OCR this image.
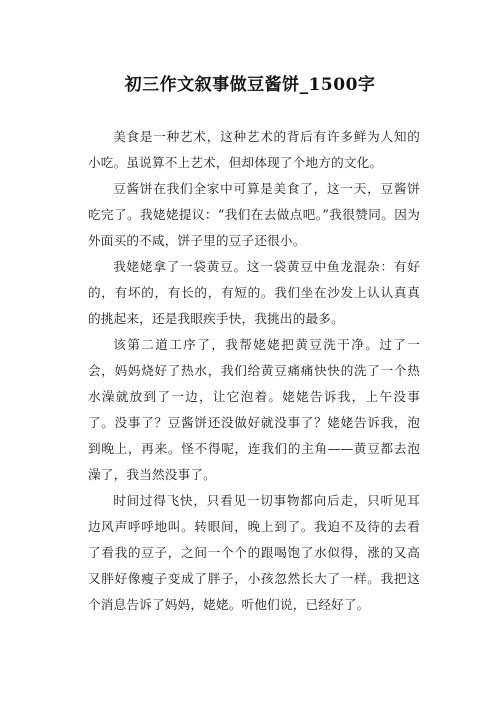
初三作文叙事做豆酱饼_1500字

美食是一种艺术，这种艺术的背后有许多鲜为人知的小吃。虽说算不上艺术，但却体现了个地方的文化。

豆酱饼在我们全家中可算是美食了，这一天，豆酱饼吃完了。我姥姥提议：“我们在去做点吧。”我很赞同。因为外面买的不咸，饼子里的豆子还很小。

我姥姥拿了一袋黄豆。这一袋黄豆中鱼龙混杂：有好的，有坏的，有长的，有短的。我们坐在沙发上认认真真的挑起来，还是我眼疾手快，我挑出的最多。

该第二道工序了，我帮姥姥把黄豆洗干净。过了一会，妈妈烧好了热水，我们给黄豆痛痛快快的洗了一个热水澡就放到了一边，让它泡着。姥姥告诉我，上午没事了。没事了？豆酱饼还没做好就没事了？姥姥告诉我，泡到晚上，再来。怪不得呢，连我们的主角——黄豆都去泡澡了，我当然没事了。

时间过得飞快，只看见一切事物都向后走，只听见耳边风声呼呼地叫。转眼间，晚上到了。我迫不及待的去看了看我的豆子，之间一个个的跟喝饱了水似得，涨的又高又胖好像瘦子变成了胖子，小孩忽然长大了一样。我把这个消息告诉了妈妈，姥姥。听他们说，已经好了。
